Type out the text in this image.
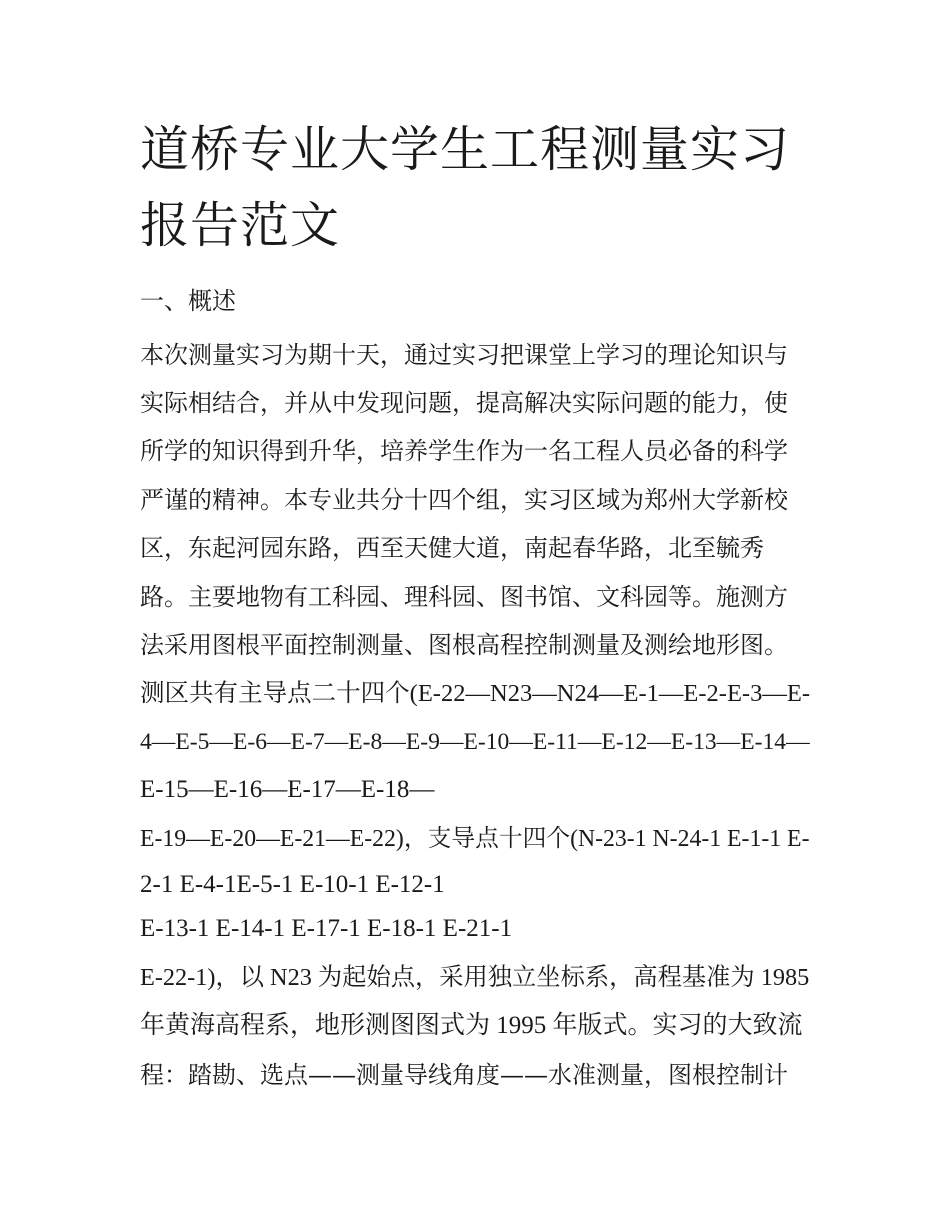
道桥专业大学生工程测量实习
报告范文

一、概述

本次测量实习为期十天，通过实习把课堂上学习的理论知识与

实际相结合，并从中发现问题，提高解决实际问题的能力，使

所学的知识得到升华，培养学生作为一名工程人员必备的科学

严谨的精神。本专业共分十四个组，实习区域为郑州大学新校

区，东起河园东路，西至天健大道，南起春华路，北至毓秀

路。主要地物有工科园、理科园、图书馆、文科园等。施测方

法采用图根平面控制测量、图根高程控制测量及测绘地形图。

测区共有主导点二十四个(E-22—N23—N24—E-1—E-2-E-3—E-

4—E-5—E-6—E-7—E-8—E-9—E-10—E-11—E-12—E-13—E-14—

E-15—E-16—E-17—E-18—

E-19—E-20—E-21—E-22)，支导点十四个(N-23-1 N-24-1 E-1-1 E-

2-1 E-4-1E-5-1 E-10-1 E-12-1

E-13-1 E-14-1 E-17-1 E-18-1 E-21-1

E-22-1)，以 N23 为起始点，采用独立坐标系，高程基准为 1985

年黄海高程系，地形测图图式为 1995 年版式。实习的大致流

程：踏勘、选点——测量导线角度——水准测量，图根控制计
